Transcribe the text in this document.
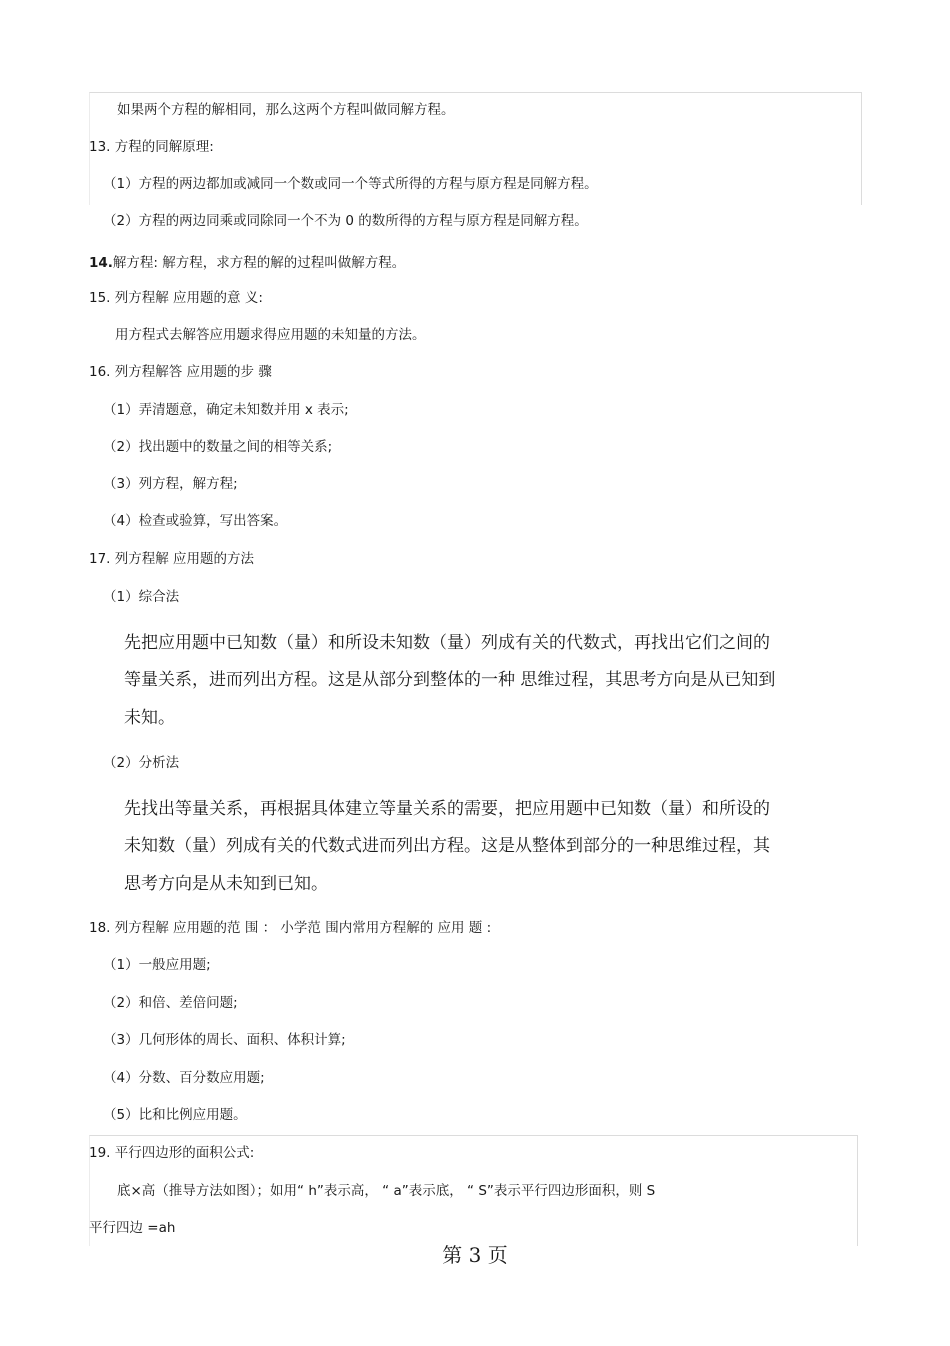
如果两个方程的解相同，那么这两个方程叫做同解方程。
13. 方程的同解原理:
（1）方程的两边都加或减同一个数或同一个等式所得的方程与原方程是同解方程。
（2）方程的两边同乘或同除同一个不为 0 的数所得的方程与原方程是同解方程。
14.解方程: 解方程，求方程的解的过程叫做解方程。
15. 列方程解 应用题的意 义:
用方程式去解答应用题求得应用题的未知量的方法。
16. 列方程解答 应用题的步 骤
（1）弄清题意，确定未知数并用 x 表示;
（2）找出题中的数量之间的相等关系;
（3）列方程，解方程;
（4）检查或验算，写出答案。
17. 列方程解 应用题的方法
（1）综合法
先把应用题中已知数（量）和所设未知数（量）列成有关的代数式，再找出它们之间的
等量关系，进而列出方程。这是从部分到整体的一种 思维过程，其思考方向是从已知到
未知。
（2）分析法
先找出等量关系，再根据具体建立等量关系的需要，把应用题中已知数（量）和所设的
未知数（量）列成有关的代数式进而列出方程。这是从整体到部分的一种思维过程，其
思考方向是从未知到已知。
18. 列方程解 应用题的范 围 ： 小学范 围内常用方程解的 应用 题 :
（1）一般应用题;
（2）和倍、差倍问题;
（3）几何形体的周长、面积、体积计算;
（4）分数、百分数应用题;
（5）比和比例应用题。
19. 平行四边形的面积公式:
底×高（推导方法如图）；如用“ h”表示高， “ a”表示底， “ S”表示平行四边形面积，则 S
平行四边 =ah
第 3 页
